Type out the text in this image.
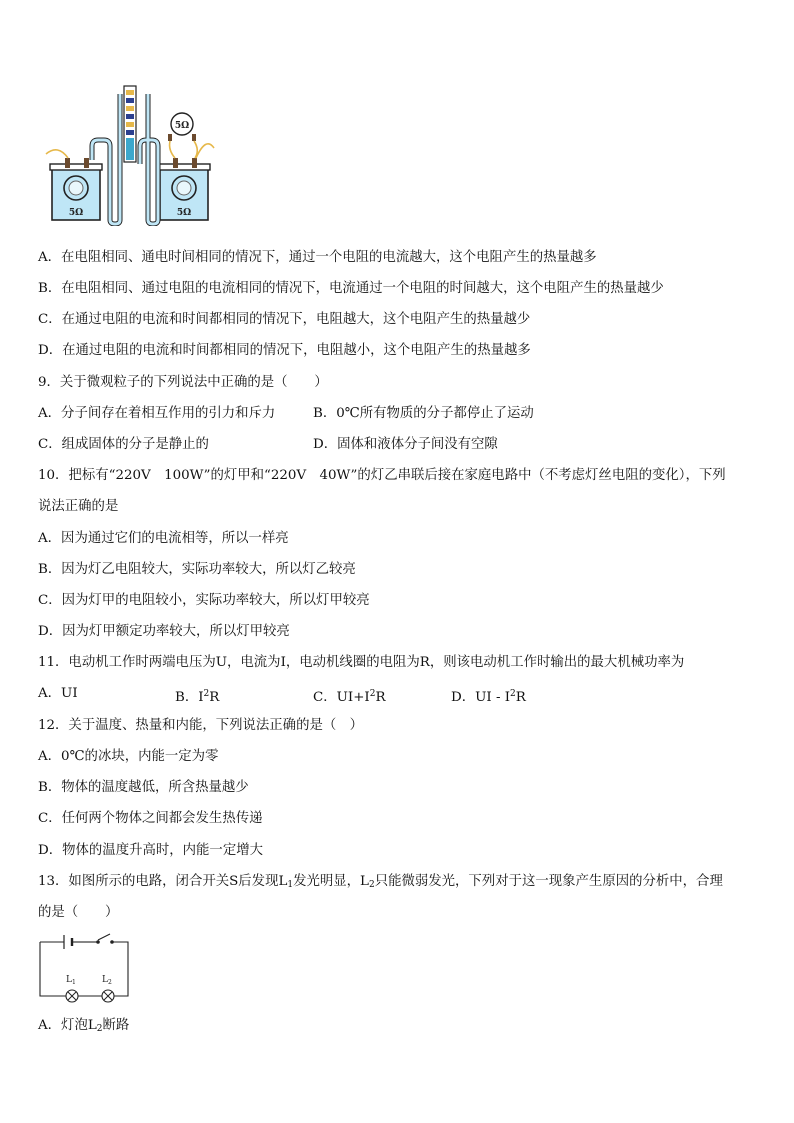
5Ω	5Ω
5Ω
A．在电阻相同、通电时间相同的情况下，通过一个电阻的电流越大，这个电阻产生的热量越多
B．在电阻相同、通过电阻的电流相同的情况下，电流通过一个电阻的时间越大，这个电阻产生的热量越少
C．在通过电阻的电流和时间都相同的情况下，电阻越大，这个电阻产生的热量越少
D．在通过电阻的电流和时间都相同的情况下，电阻越小，这个电阻产生的热量越多
9．关于微观粒子的下列说法中正确的是（　　）
A．分子间存在着相互作用的引力和斥力	B．0℃所有物质的分子都停止了运动
C．组成固体的分子是静止的	D．固体和液体分子间没有空隙
10．把标有“220V　100W”的灯甲和“220V　40W”的灯乙串联后接在家庭电路中（不考虑灯丝电阻的变化），下列
说法正确的是
A．因为通过它们的电流相等，所以一样亮
B．因为灯乙电阻较大，实际功率较大，所以灯乙较亮
C．因为灯甲的电阻较小，实际功率较大，所以灯甲较亮
D．因为灯甲额定功率较大，所以灯甲较亮
11．电动机工作时两端电压为U，电流为I，电动机线圈的电阻为R，则该电动机工作时输出的最大机械功率为
A．UI	B．$I^2R$	C．$UI+I^2R$	D．UI - $I^2R$
12．关于温度、热量和内能，下列说法正确的是（　）
A．0℃的冰块，内能一定为零
B．物体的温度越低，所含热量越少
C．任何两个物体之间都会发生热传递
D．物体的温度升高时，内能一定增大
13．如图所示的电路，闭合开关S后发现$L_1$发光明显，$L_2$只能微弱发光，下列对于这一现象产生原因的分析中，合理
的是（　　）
$L_1$	$L_2$
A．灯泡$L_2$断路
